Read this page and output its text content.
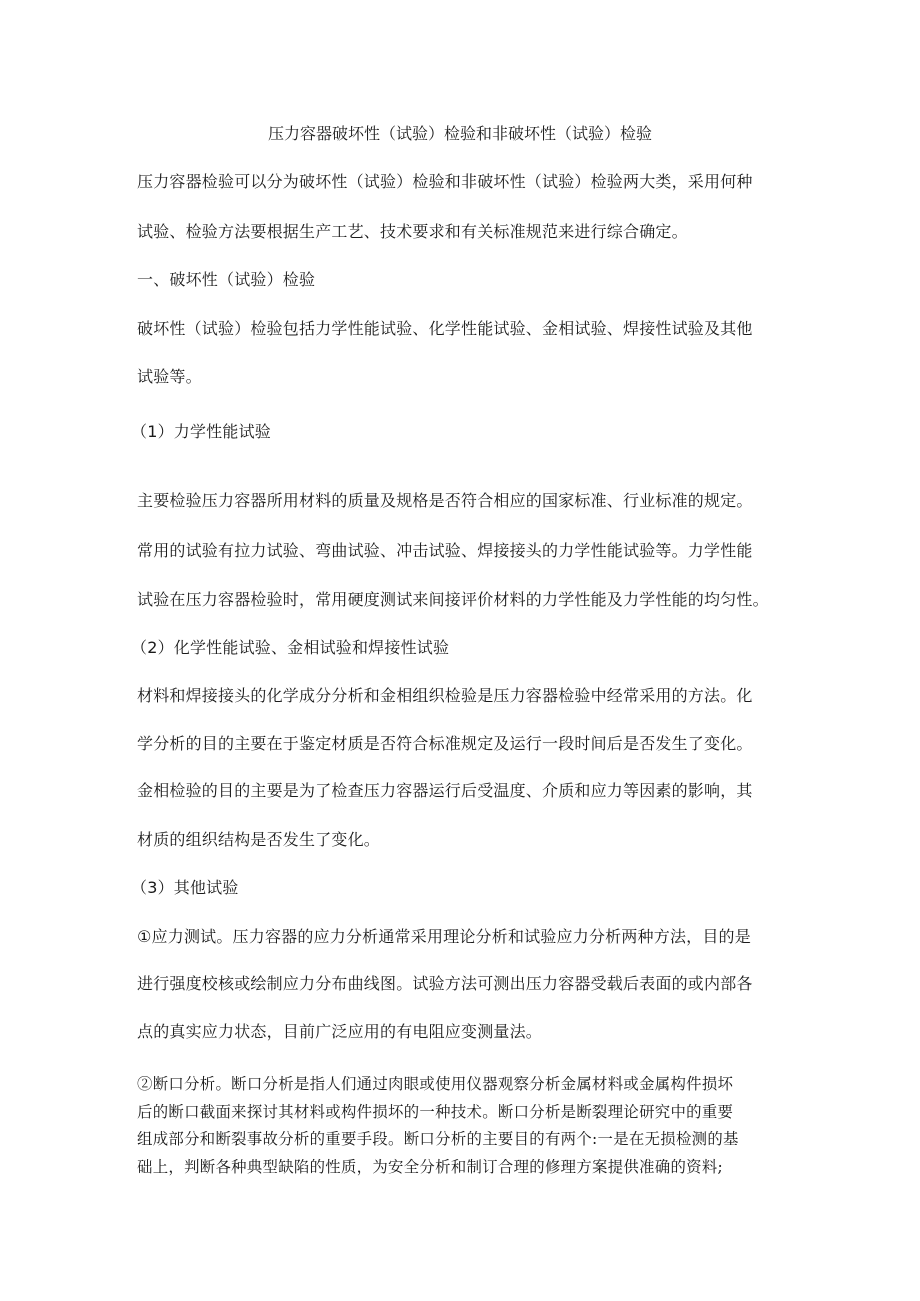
压力容器破坏性（试验）检验和非破坏性（试验）检验
压力容器检验可以分为破坏性（试验）检验和非破坏性（试验）检验两大类，采用何种
试验、检验方法要根据生产工艺、技术要求和有关标准规范来进行综合确定。
一、破坏性（试验）检验
破坏性（试验）检验包括力学性能试验、化学性能试验、金相试验、焊接性试验及其他
试验等。
（1）力学性能试验
主要检验压力容器所用材料的质量及规格是否符合相应的国家标准、行业标准的规定。
常用的试验有拉力试验、弯曲试验、冲击试验、焊接接头的力学性能试验等。力学性能
试验在压力容器检验时，常用硬度测试来间接评价材料的力学性能及力学性能的均匀性。
（2）化学性能试验、金相试验和焊接性试验
材料和焊接接头的化学成分分析和金相组织检验是压力容器检验中经常采用的方法。化
学分析的目的主要在于鉴定材质是否符合标准规定及运行一段时间后是否发生了变化。
金相检验的目的主要是为了检查压力容器运行后受温度、介质和应力等因素的影响，其
材质的组织结构是否发生了变化。
（3）其他试验
①应力测试。压力容器的应力分析通常采用理论分析和试验应力分析两种方法，目的是
进行强度校核或绘制应力分布曲线图。试验方法可测出压力容器受载后表面的或内部各
点的真实应力状态，目前广泛应用的有电阻应变测量法。
②断口分析。断口分析是指人们通过肉眼或使用仪器观察分析金属材料或金属构件损坏
后的断口截面来探讨其材料或构件损坏的一种技术。断口分析是断裂理论研究中的重要
组成部分和断裂事故分析的重要手段。断口分析的主要目的有两个:一是在无损检测的基
础上，判断各种典型缺陷的性质，为安全分析和制订合理的修理方案提供准确的资料;
